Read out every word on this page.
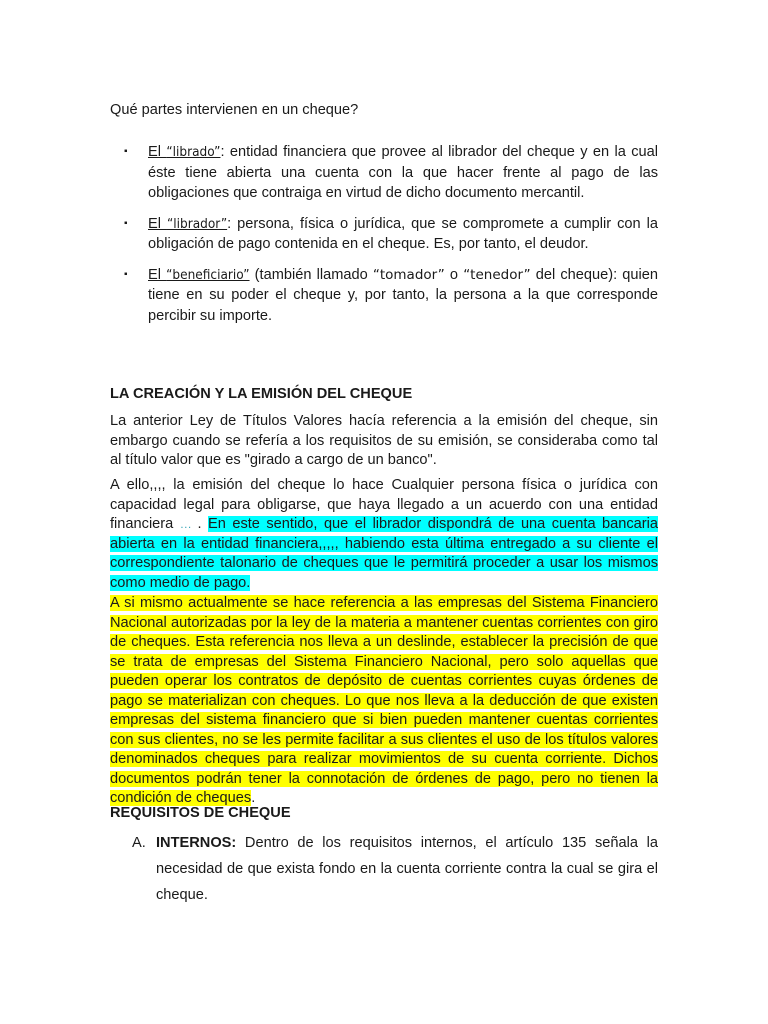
Qué partes intervienen en un cheque?

▪ El “librado”: entidad financiera que provee al librador del cheque y en la cual éste tiene abierta una cuenta con la que hacer frente al pago de las obligaciones que contraiga en virtud de dicho documento mercantil.
▪ El “librador”: persona, física o jurídica, que se compromete a cumplir con la obligación de pago contenida en el cheque. Es, por tanto, el deudor.
▪ El “beneficiario” (también llamado “tomador” o “tenedor” del cheque): quien tiene en su poder el cheque y, por tanto, la persona a la que corresponde percibir su importe.
LA CREACIÓN Y LA EMISIÓN DEL CHEQUE

La anterior Ley de Títulos Valores hacía referencia a la emisión del cheque, sin embargo cuando se refería a los requisitos de su emisión, se consideraba como tal al título valor que es "girado a cargo de un banco".

A ello,,,, la emisión del cheque lo hace Cualquier persona física o jurídica con capacidad legal para obligarse, que haya llegado a un acuerdo con una entidad financiera … . En este sentido, que el librador dispondrá de una cuenta bancaria abierta en la entidad financiera,,,,, habiendo esta última entregado a su cliente el correspondiente talonario de cheques que le permitirá proceder a usar los mismos como medio de pago.

A si mismo actualmente se hace referencia a las empresas del Sistema Financiero Nacional autorizadas por la ley de la materia a mantener cuentas corrientes con giro de cheques. Esta referencia nos lleva a un deslinde, establecer la precisión de que se trata de empresas del Sistema Financiero Nacional, pero solo aquellas que pueden operar los contratos de depósito de cuentas corrientes cuyas órdenes de pago se materializan con cheques. Lo que nos lleva a la deducción de que existen empresas del sistema financiero que si bien pueden mantener cuentas corrientes con sus clientes, no se les permite facilitar a sus clientes el uso de los títulos valores denominados cheques para realizar movimientos de su cuenta corriente. Dichos documentos podrán tener la connotación de órdenes de pago, pero no tienen la condición de cheques.

REQUISITOS DE CHEQUE
A. INTERNOS: Dentro de los requisitos internos, el artículo 135 señala la necesidad de que exista fondo en la cuenta corriente contra la cual se gira el cheque.
